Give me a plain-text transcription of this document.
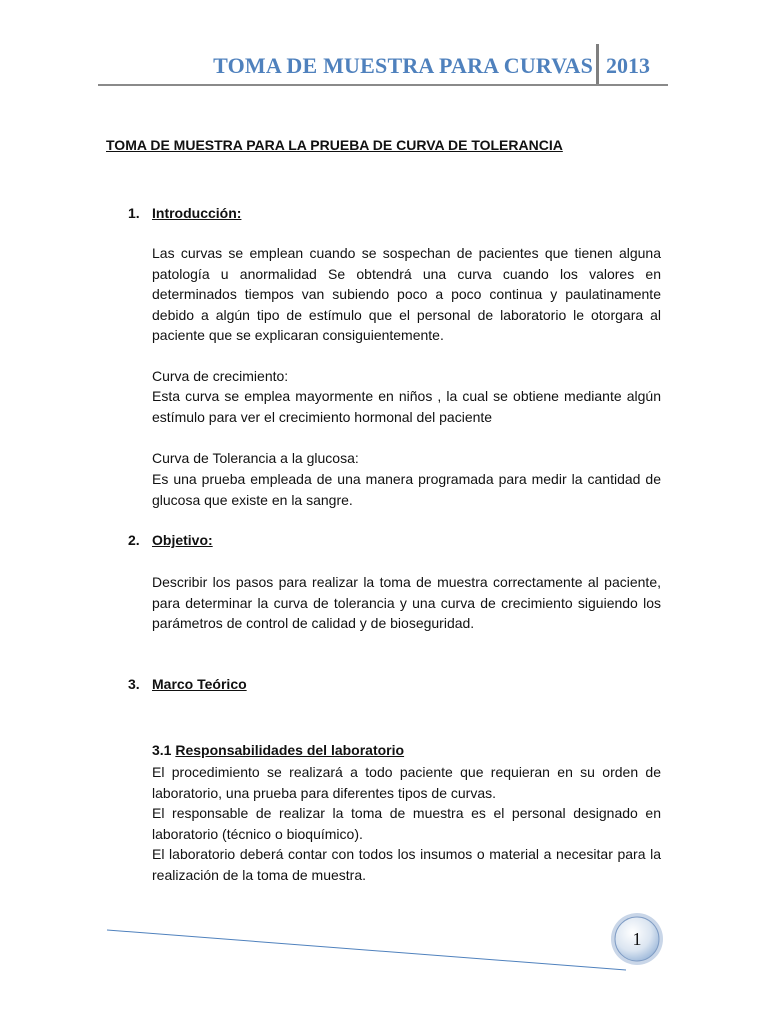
TOMA DE MUESTRA PARA CURVAS 2013
TOMA DE MUESTRA PARA LA PRUEBA DE CURVA DE TOLERANCIA
1. Introducción:

Las curvas se emplean cuando se sospechan de pacientes que tienen alguna patología u anormalidad Se obtendrá una curva cuando los valores en determinados tiempos van subiendo poco a poco continua y paulatinamente debido a algún tipo de estímulo que el personal de laboratorio le otorgara al paciente que se explicaran consiguientemente.

Curva de crecimiento:

Esta curva se emplea mayormente en niños , la cual se obtiene mediante algún estímulo para ver el crecimiento hormonal del paciente

Curva de Tolerancia a la glucosa:

Es una prueba empleada de una manera programada para medir la cantidad de glucosa que existe en la sangre.

2. Objetivo:

Describir los pasos para realizar la toma de muestra correctamente al paciente, para determinar la curva de tolerancia y una curva de crecimiento siguiendo los parámetros de control de calidad y de bioseguridad.

3. Marco Teórico
3.1 Responsabilidades del laboratorio

El procedimiento se realizará a todo paciente que requieran en su orden de laboratorio, una prueba para diferentes tipos de curvas.
El responsable de realizar la toma de muestra es el personal designado en laboratorio (técnico o bioquímico).
El laboratorio deberá contar con todos los insumos o material a necesitar para la realización de la toma de muestra.

1
